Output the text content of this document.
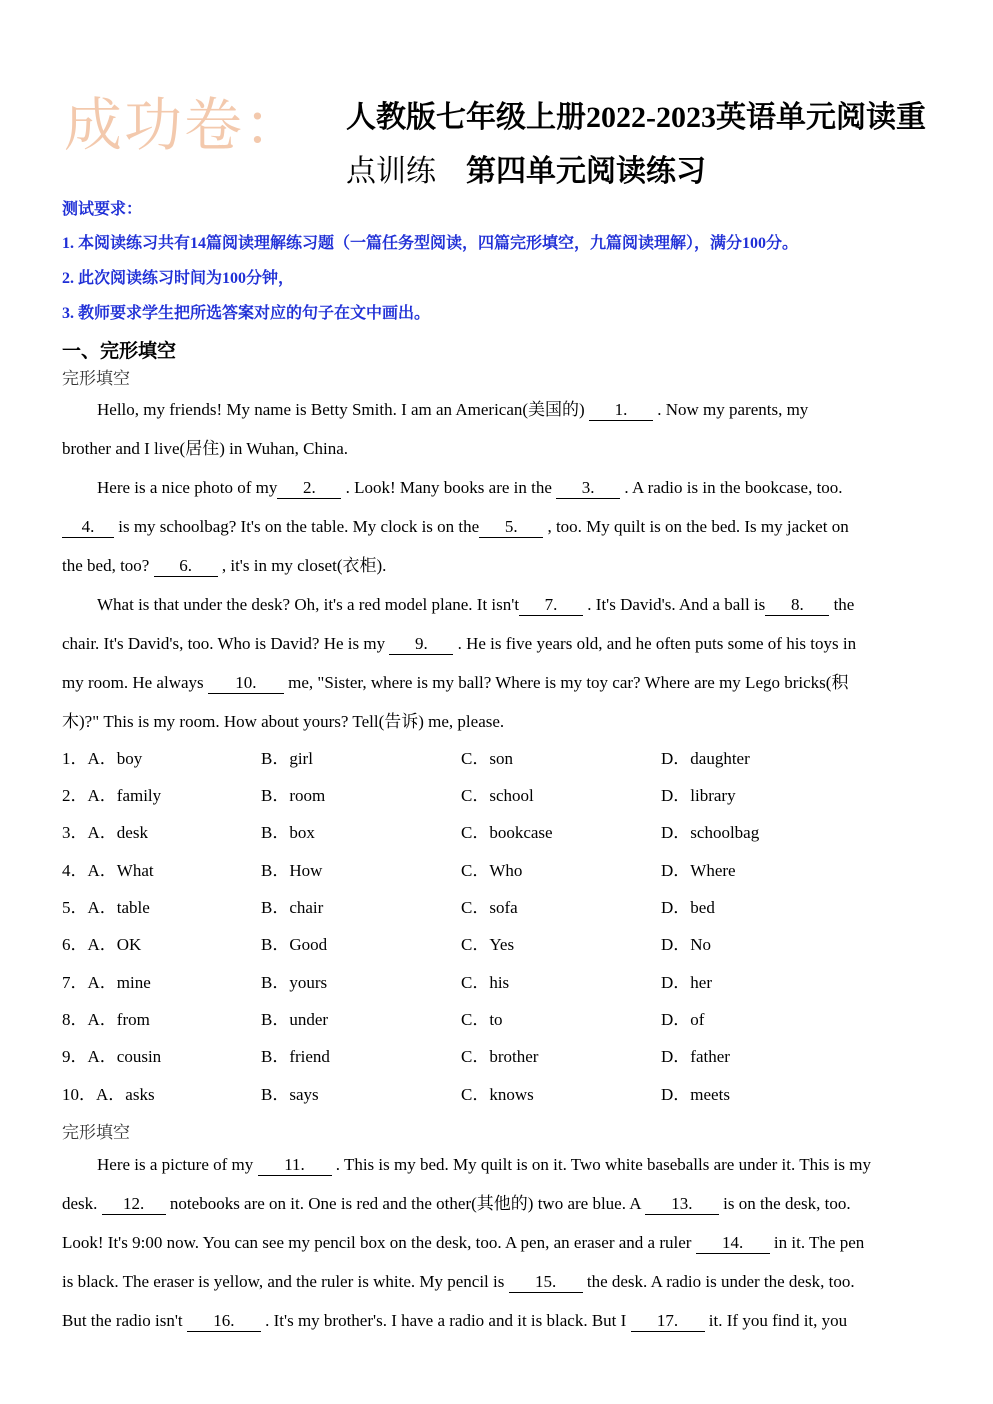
成功卷： 人教版七年级上册2022-2023英语单元阅读重
点训练 第四单元阅读练习
测试要求：
1. 本阅读练习共有14篇阅读理解练习题（一篇任务型阅读，四篇完形填空，九篇阅读理解），满分100分。
2. 此次阅读练习时间为100分钟，
3. 教师要求学生把所选答案对应的句子在文中画出。
一、完形填空
完形填空
Hello, my friends! My name is Betty Smith. I am an American(美国的) 1. . Now my parents, my
brother and I live(居住) in Wuhan, China.
Here is a nice photo of my 2. . Look! Many books are in the 3. . A radio is in the bookcase, too.
4. is my schoolbag? It's on the table. My clock is on the 5. , too. My quilt is on the bed. Is my jacket on
the bed, too? 6. , it's in my closet(衣柜).
What is that under the desk? Oh, it's a red model plane. It isn't 7. . It's David's. And a ball is 8. the
chair. It's David's, too. Who is David? He is my 9. . He is five years old, and he often puts some of his toys in
my room. He always 10. me, "Sister, where is my ball? Where is my toy car? Where are my Lego bricks(积
木)?" This is my room. How about yours? Tell(告诉) me, please.
1．A．boy	B．girl	C．son	D．daughter
2．A．family	B．room	C．school	D．library
3．A．desk	B．box	C．bookcase	D．schoolbag
4．A．What	B．How	C．Who	D．Where
5．A．table	B．chair	C．sofa	D．bed
6．A．OK	B．Good	C．Yes	D．No
7．A．mine	B．yours	C．his	D．her
8．A．from	B．under	C．to	D．of
9．A．cousin	B．friend	C．brother	D．father
10．A．asks	B．says	C．knows	D．meets
完形填空
Here is a picture of my 11. . This is my bed. My quilt is on it. Two white baseballs are under it. This is my
desk. 12. notebooks are on it. One is red and the other(其他的) two are blue. A 13. is on the desk, too.
Look! It's 9:00 now. You can see my pencil box on the desk, too. A pen, an eraser and a ruler 14. in it. The pen
is black. The eraser is yellow, and the ruler is white. My pencil is 15. the desk. A radio is under the desk, too.
But the radio isn't 16. . It's my brother's. I have a radio and it is black. But I 17. it. If you find it, you
